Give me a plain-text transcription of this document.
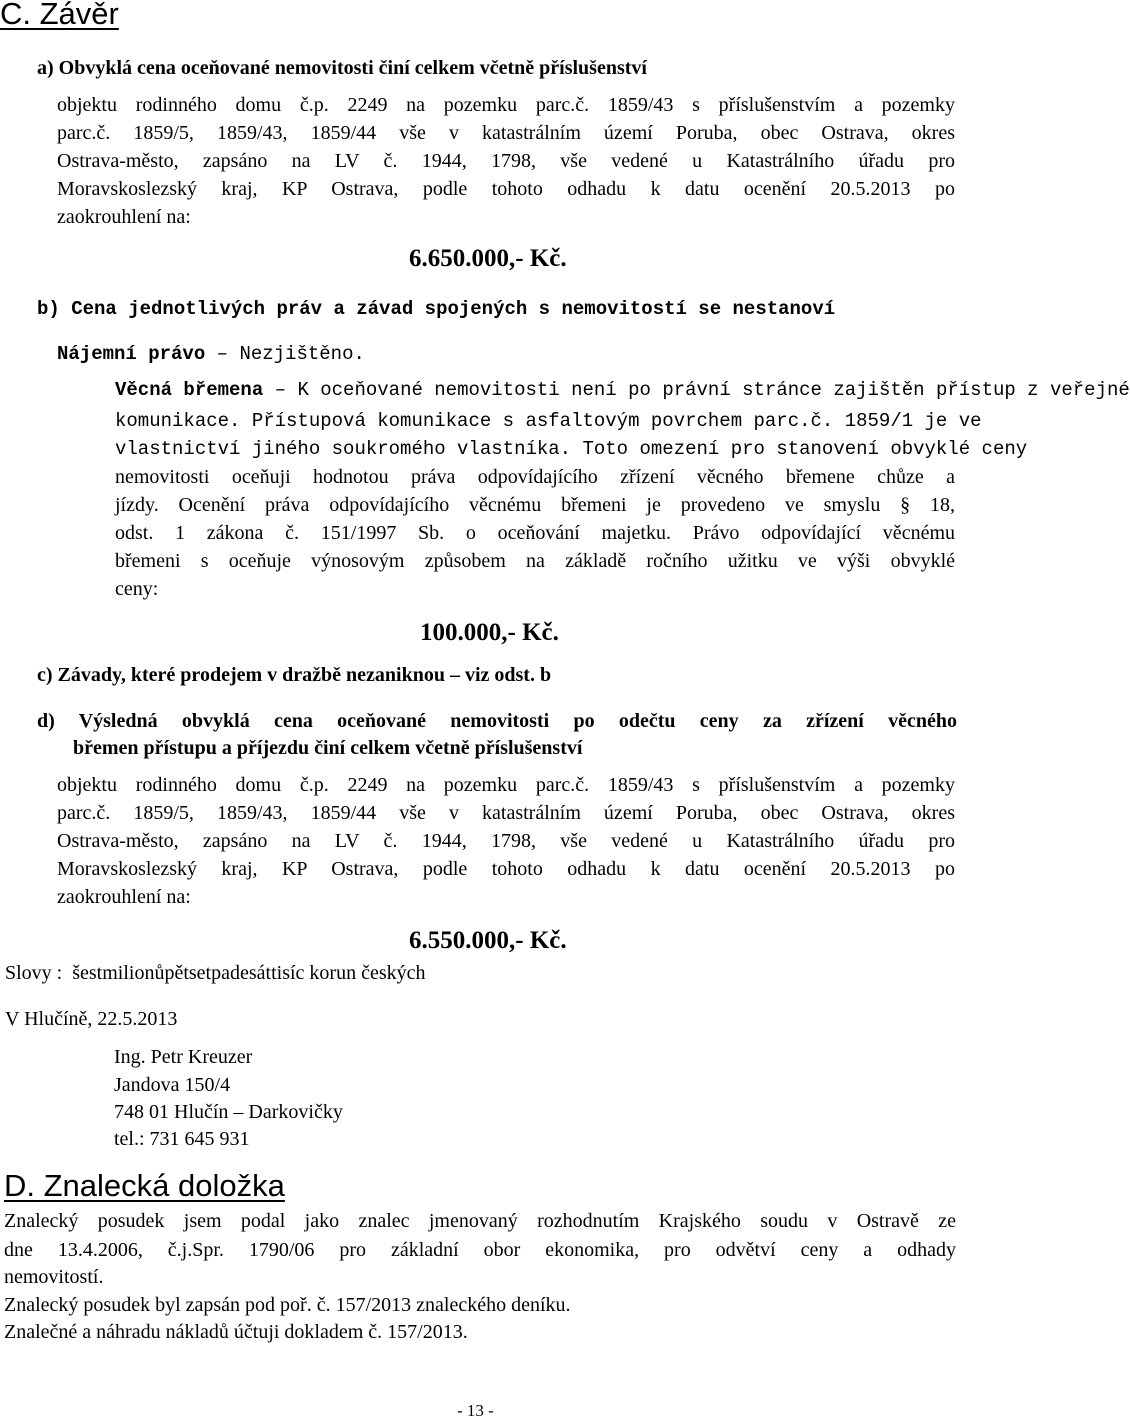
C. Závěr
a) Obvyklá cena oceňované nemovitosti činí celkem včetně příslušenství
objektu rodinného domu č.p. 2249 na pozemku parc.č. 1859/43 s příslušenstvím a pozemky
parc.č. 1859/5, 1859/43, 1859/44 vše v katastrálním území Poruba, obec Ostrava, okres
Ostrava-město, zapsáno na LV č. 1944, 1798, vše vedené u Katastrálního úřadu pro
Moravskoslezský kraj, KP Ostrava, podle tohoto odhadu k datu ocenění 20.5.2013 po
zaokrouhlení na:
6.650.000,- Kč.
b) Cena jednotlivých práv a závad spojených s nemovitostí se nestanoví
Nájemní právo – Nezjištěno.
Věcná břemena – K oceňované nemovitosti není po právní stránce zajištěn přístup z veřejné
komunikace. Přístupová komunikace s asfaltovým povrchem parc.č. 1859/1 je ve
vlastnictví jiného soukromého vlastníka. Toto omezení pro stanovení obvyklé ceny
nemovitosti oceňuji hodnotou práva odpovídajícího zřízení věcného břemene chůze a
jízdy. Ocenění práva odpovídajícího věcnému břemeni je provedeno ve smyslu § 18,
odst. 1 zákona č. 151/1997 Sb. o oceňování majetku. Právo odpovídající věcnému
břemeni s oceňuje výnosovým způsobem na základě ročního užitku ve výši obvyklé
ceny:
100.000,- Kč.
c) Závady, které prodejem v dražbě nezaniknou – viz odst. b
d) Výsledná obvyklá cena oceňované nemovitosti po odečtu ceny za zřízení věcného
břemen přístupu a příjezdu činí celkem včetně příslušenství
objektu rodinného domu č.p. 2249 na pozemku parc.č. 1859/43 s příslušenstvím a pozemky
parc.č. 1859/5, 1859/43, 1859/44 vše v katastrálním území Poruba, obec Ostrava, okres
Ostrava-město, zapsáno na LV č. 1944, 1798, vše vedené u Katastrálního úřadu pro
Moravskoslezský kraj, KP Ostrava, podle tohoto odhadu k datu ocenění 20.5.2013 po
zaokrouhlení na:
6.550.000,- Kč.
Slovy :  šestmilionůpětsetpadesáttisíc korun českých
V Hlučíně, 22.5.2013
Ing. Petr Kreuzer
Jandova 150/4
748 01 Hlučín – Darkovičky
tel.: 731 645 931
D. Znalecká doložka
Znalecký posudek jsem podal jako znalec jmenovaný rozhodnutím Krajského soudu v Ostravě ze
dne 13.4.2006, č.j.Spr. 1790/06 pro základní obor ekonomika, pro odvětví ceny a odhady
nemovitostí.
Znalecký posudek byl zapsán pod poř. č. 157/2013 znaleckého deníku.
Znalečné a náhradu nákladů účtuji dokladem č. 157/2013.
- 13 -
